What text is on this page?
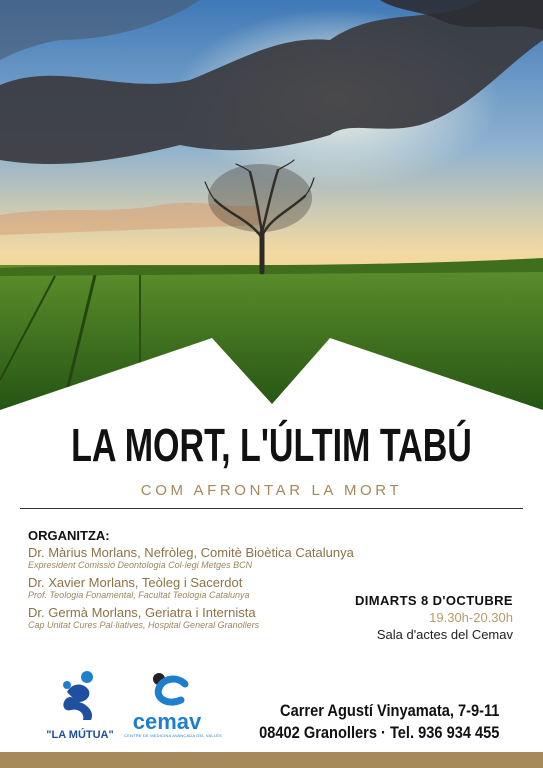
LA MORT, L'ÚLTIM TABÚ
COM AFRONTAR LA MORT
ORGANITZA:
Dr. Màrius Morlans, Nefròleg, Comitè Bioètica Catalunya
Expresident Comissió Deontologia Col·legi Metges BCN
Dr. Xavier Morlans, Teòleg i Sacerdot
Prof. Teologia Fonamental, Facultat Teologia Catalunya
Dr. Germà Morlans, Geriatra i Internista
Cap Unitat Cures Pal·liatives, Hospital General Granollers
DIMARTS 8 D'OCTUBRE
19.30h-20.30h
Sala d'actes del Cemav
"LA MÚTUA"
cemav
CENTRE DE MEDICINA AVANÇADA DEL VALLÈS
Carrer Agustí Vinyamata, 7-9-11
08402 Granollers · Tel. 936 934 455
